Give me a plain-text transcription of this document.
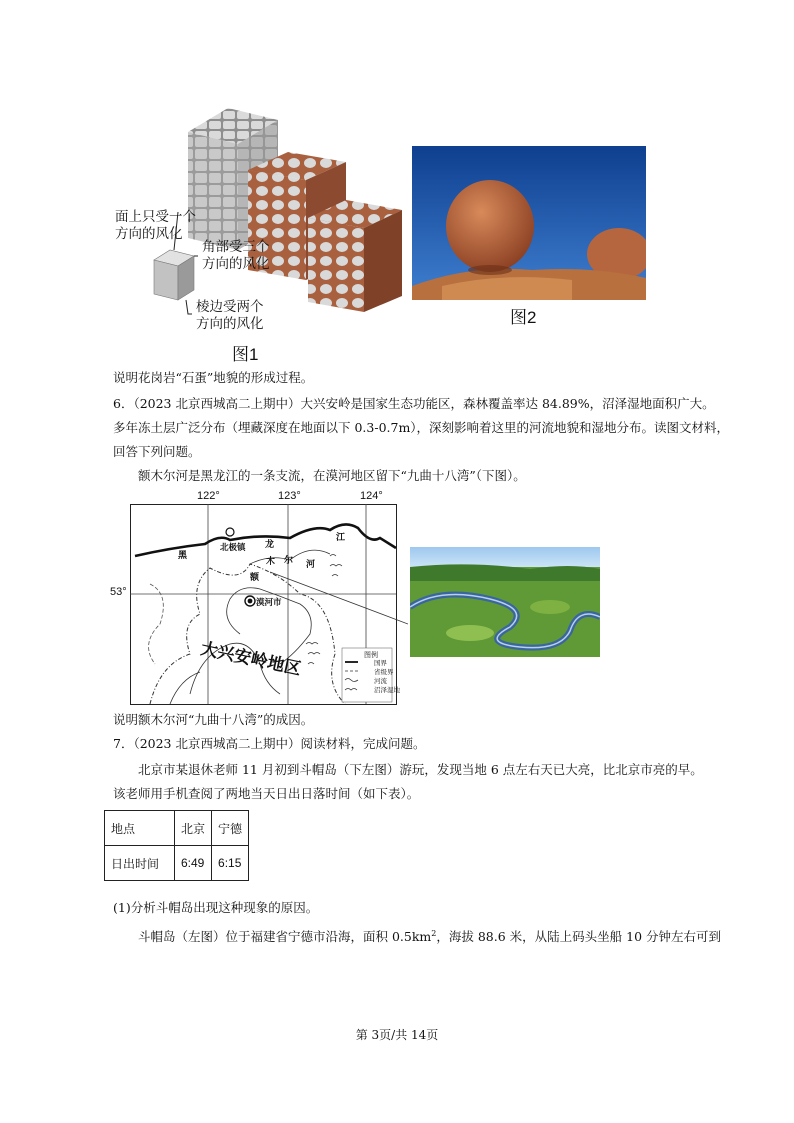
面上只受一个
方向的风化
角部受三个
方向的风化
棱边受两个
方向的风化
图1
图2
说明花岗岩“石蛋”地貌的形成过程。
6．（2023 北京西城高二上期中）大兴安岭是国家生态功能区，森林覆盖率达 84.89%，沼泽湿地面积广大。
多年冻土层广泛分布（埋藏深度在地面以下 0.3-0.7m），深刻影响着这里的河流地貌和湿地分布。读图文材料，
回答下列问题。
额木尔河是黑龙江的一条支流，在漠河地区留下“九曲十八湾”（下图）。
122°	123°	124°
53°
北极镇
黑
龙
江
额
木 尔 河
漠河市
大兴安岭地区	图例
国界
省级界
河流
沼泽湿地
说明额木尔河“九曲十八湾”的成因。
7．（2023 北京西城高二上期中）阅读材料，完成问题。
北京市某退休老师 11 月初到斗帽岛（下左图）游玩，发现当地 6 点左右天已大亮，比北京市亮的早。
该老师用手机查阅了两地当天日出日落时间（如下表）。
地点	北京	宁德
日出时间	6:49	6:15
(1)分析斗帽岛出现这种现象的原因。
斗帽岛（左图）位于福建省宁德市沿海，面积 $0.5km^2$，海拔 88.6 米，从陆上码头坐船 10 分钟左右可到
第 3页/共 14页
